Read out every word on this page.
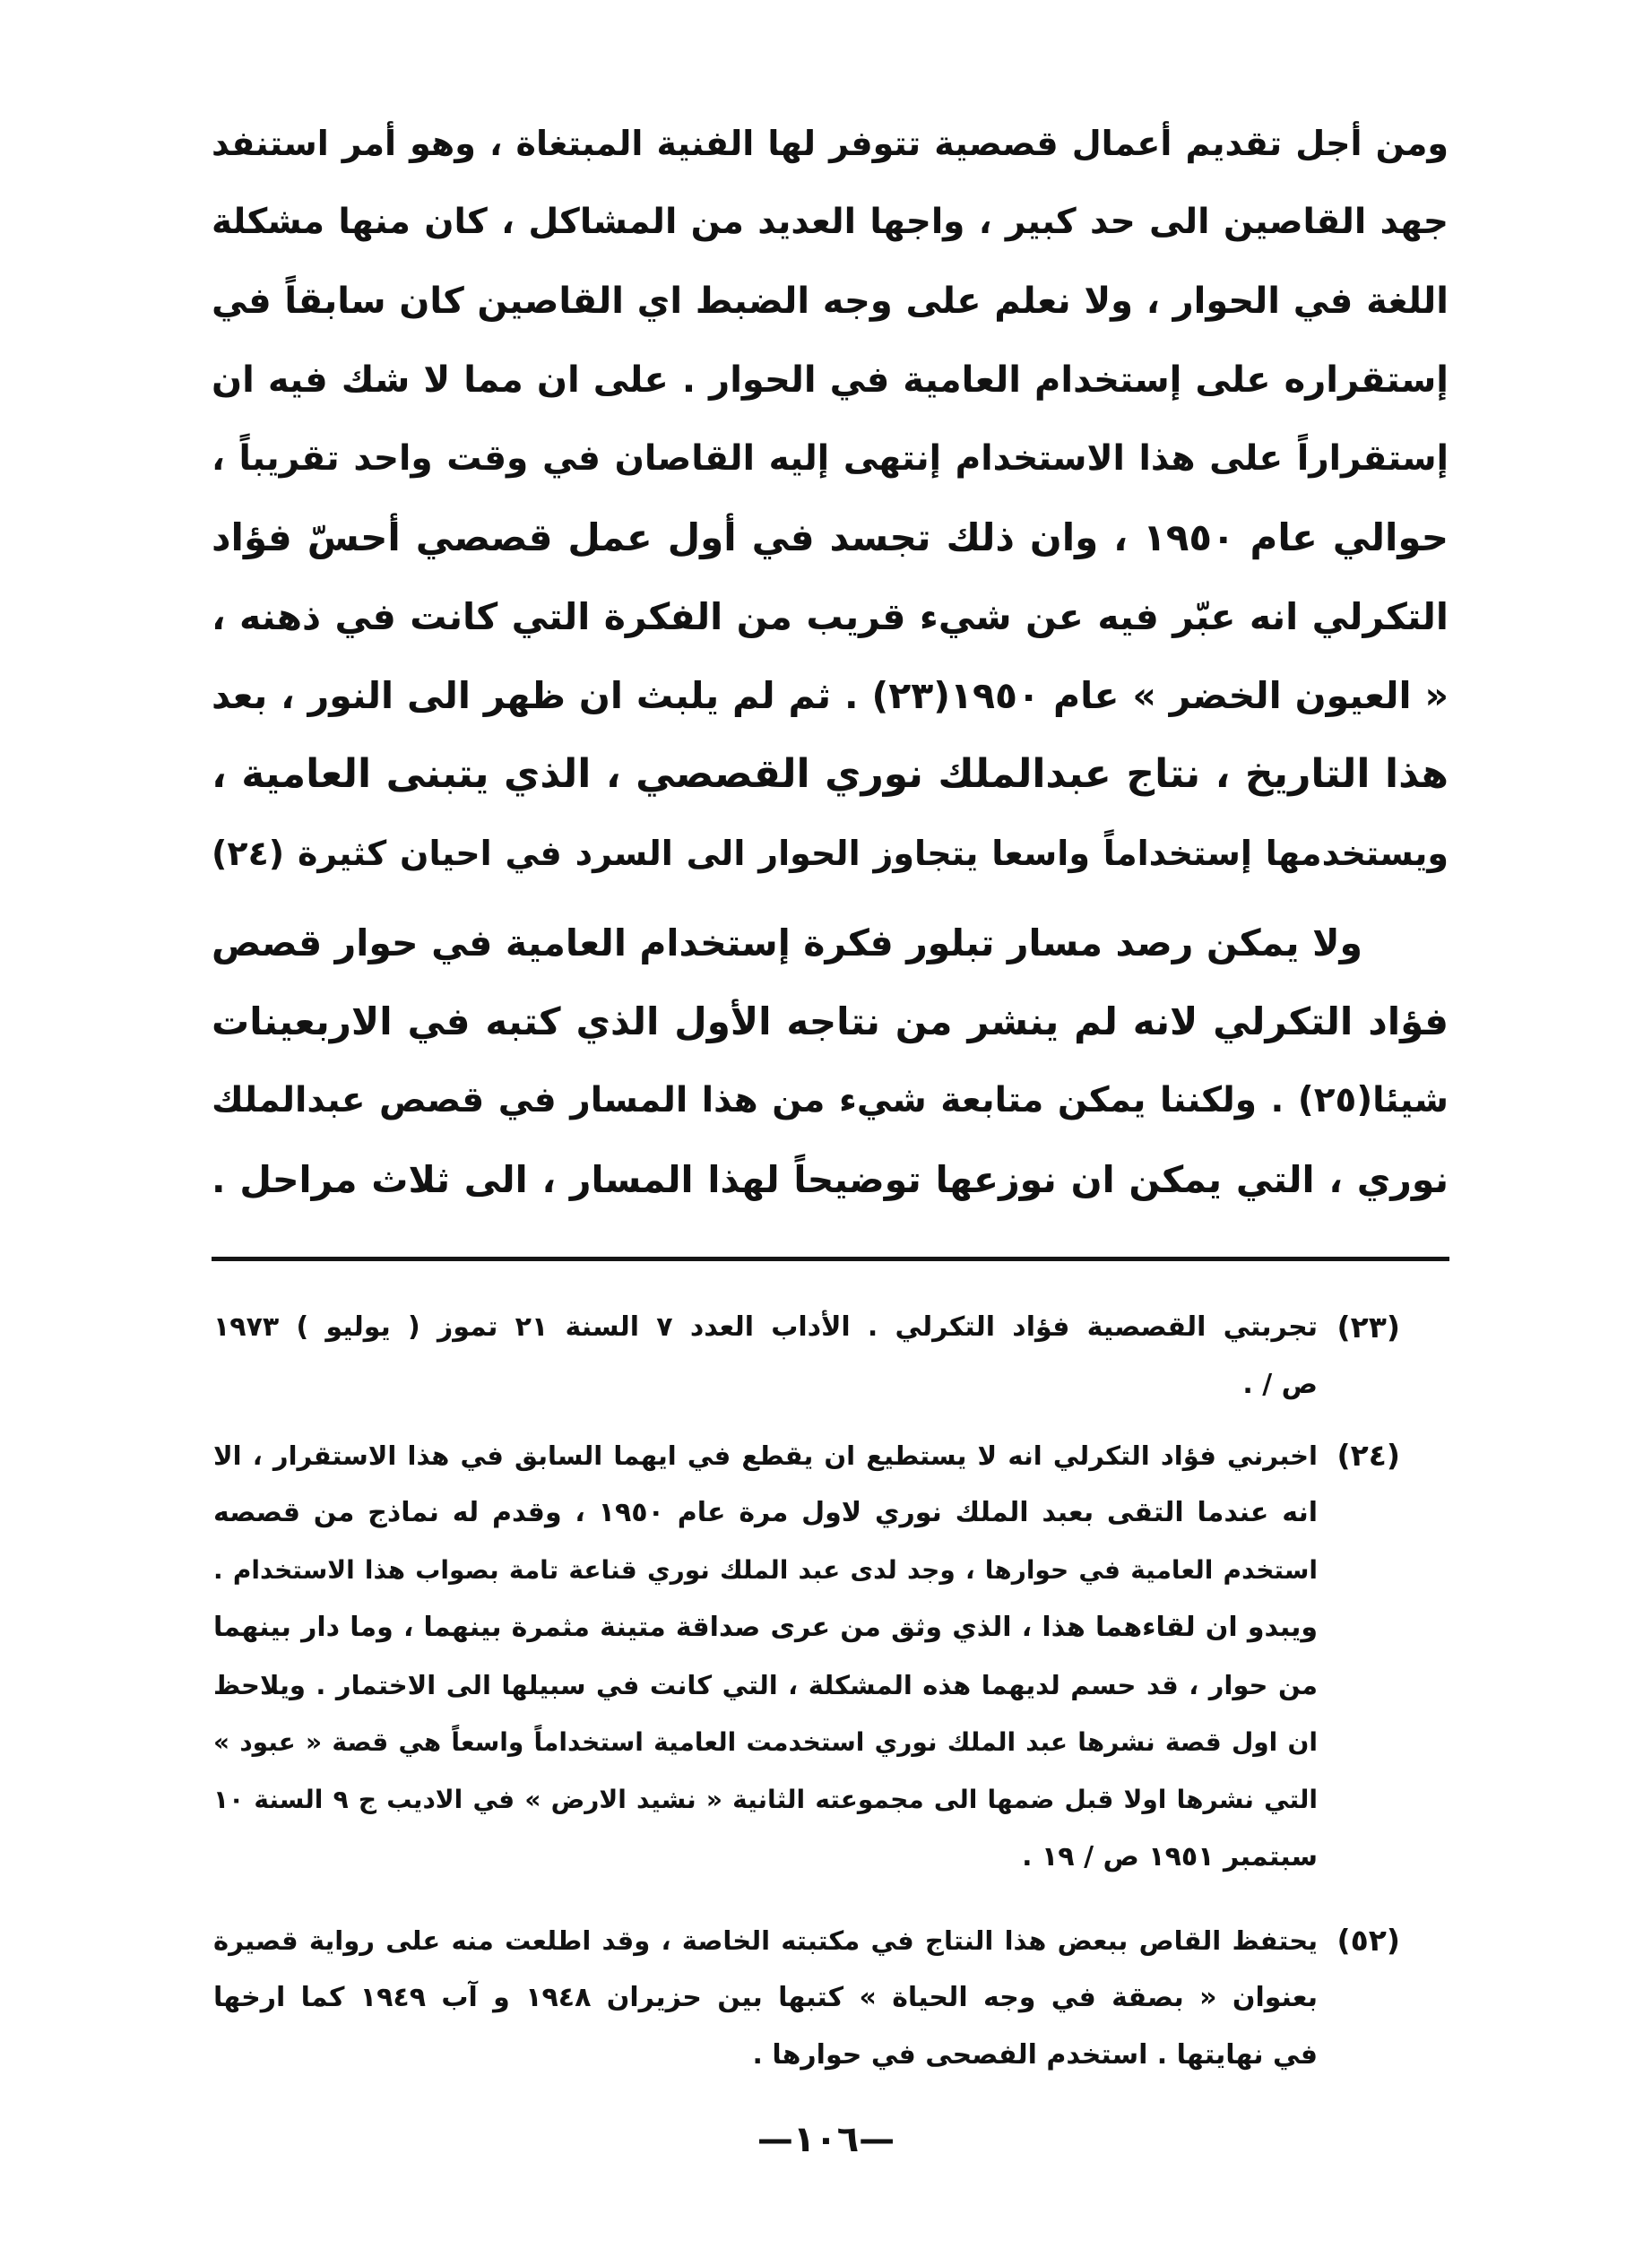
ومن أجل تقديم أعمال قصصية تتوفر لها الفنية المبتغاة ، وهو أمر استنفد
جهد القاصين الى حد كبير ، واجها العديد من المشاكل ، كان منها مشكلة
اللغة في الحوار ، ولا نعلم على وجه الضبط اي القاصين كان سابقاً في
إستقراره على إستخدام العامية في الحوار . على ان مما لا شك فيه ان
إستقراراً على هذا الاستخدام إنتهى إليه القاصان في وقت واحد تقريباً ،
حوالي عام ١٩٥٠ ، وان ذلك تجسد في أول عمل قصصي أحسّ فؤاد
التكرلي انه عبّر فيه عن شيء قريب من الفكرة التي كانت في ذهنه ،
« العيون الخضر » عام ١٩٥٠(٢٣) . ثم لم يلبث ان ظهر الى النور ، بعد
هذا التاريخ ، نتاج عبدالملك نوري القصصي ، الذي يتبنى العامية ،
ويستخدمها إستخداماً واسعا يتجاوز الحوار الى السرد في احيان كثيرة (٢٤)
ولا يمكن رصد مسار تبلور فكرة إستخدام العامية في حوار قصص
فؤاد التكرلي لانه لم ينشر من نتاجه الأول الذي كتبه في الاربعينات
شيئا(٢٥) . ولكننا يمكن متابعة شيء من هذا المسار في قصص عبدالملك
نوري ، التي يمكن ان نوزعها توضيحاً لهذا المسار ، الى ثلاث مراحل .
(٢٣)
تجربتي القصصية فؤاد التكرلي . الأداب العدد ٧ السنة ٢١ تموز ( يوليو ) ١٩٧٣
ص / .
(٢٤)
اخبرني فؤاد التكرلي انه لا يستطيع ان يقطع في ايهما السابق في هذا الاستقرار ، الا
انه عندما التقى بعبد الملك نوري لاول مرة عام ١٩٥٠ ، وقدم له نماذج من قصصه
استخدم العامية في حوارها ، وجد لدى عبد الملك نوري قناعة تامة بصواب هذا الاستخدام .
ويبدو ان لقاءهما هذا ، الذي وثق من عرى صداقة متينة مثمرة بينهما ، وما دار بينهما
من حوار ، قد حسم لديهما هذه المشكلة ، التي كانت في سبيلها الى الاختمار . ويلاحظ
ان اول قصة نشرها عبد الملك نوري استخدمت العامية استخداماً واسعاً هي قصة « عبود »
التي نشرها اولا قبل ضمها الى مجموعته الثانية « نشيد الارض » في الاديب ج ٩ السنة ١٠
سبتمبر ١٩٥١ ص / ١٩ .
(٥٢)
يحتفظ القاص ببعض هذا النتاج في مكتبته الخاصة ، وقد اطلعت منه على رواية قصيرة
بعنوان « بصقة في وجه الحياة » كتبها بين حزيران ١٩٤٨ و آب ١٩٤٩ كما ارخها
في نهايتها . استخدم الفصحى في حوارها .
—١٠٦—
